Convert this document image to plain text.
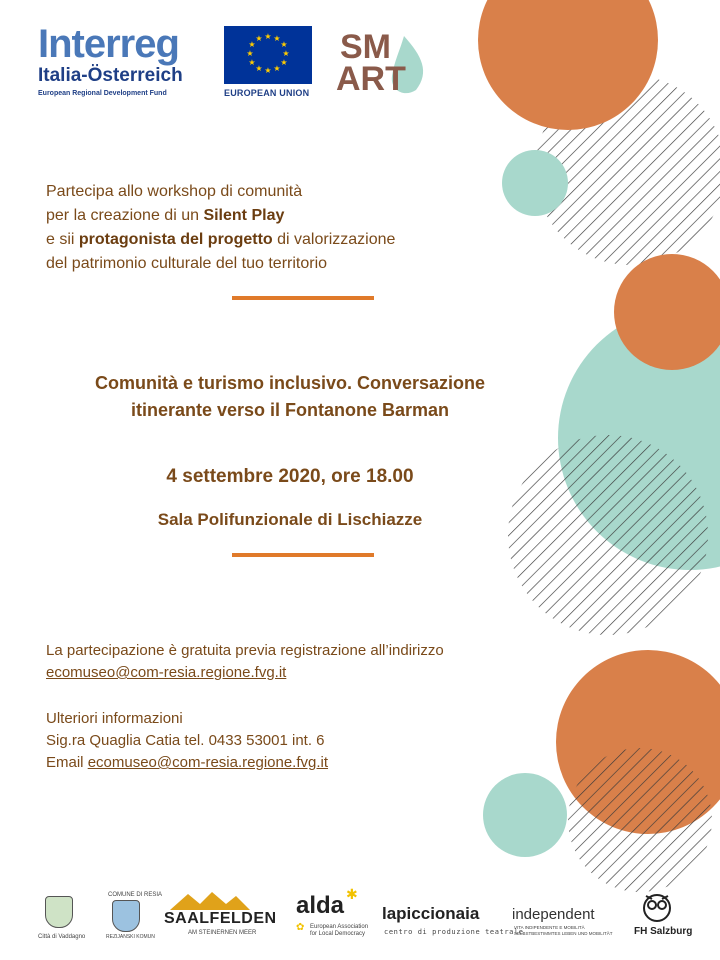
Interreg
Italia-Österreich
European Regional Development Fund
★ ★
★
★
★
★
★
★
★
★
★
★
EUROPEAN UNION
SM
ART
Partecipa allo workshop di comunità
per la creazione di un Silent Play
e sii protagonista del progetto di valorizzazione
del patrimonio culturale del tuo territorio
Comunità e turismo inclusivo. Conversazione
itinerante verso il Fontanone Barman
4 settembre 2020, ore 18.00
Sala Polifunzionale di Lischiazze
La partecipazione è gratuita previa registrazione all’indirizzo
ecomuseo@com-resia.regione.fvg.it
Ulteriori informazioni
Sig.ra Quaglia Catia tel. 0433 53001 int. 6
Email ecomuseo@com-resia.regione.fvg.it
Città di Vaddagno
COMUNE DI RESIA
REZIJANSKI KOMUN
SAALFELDEN
AM STEINERNEN MEER
alda ✱
✿ European Association
for Local Democracy
lapiccionaia
centro di produzione teatrale
independent
VITA INDIPENDENTE E MOBILITÀ
SELBSTBESTIMMTES LEBEN UND MOBILITÄT FH Salzburg
